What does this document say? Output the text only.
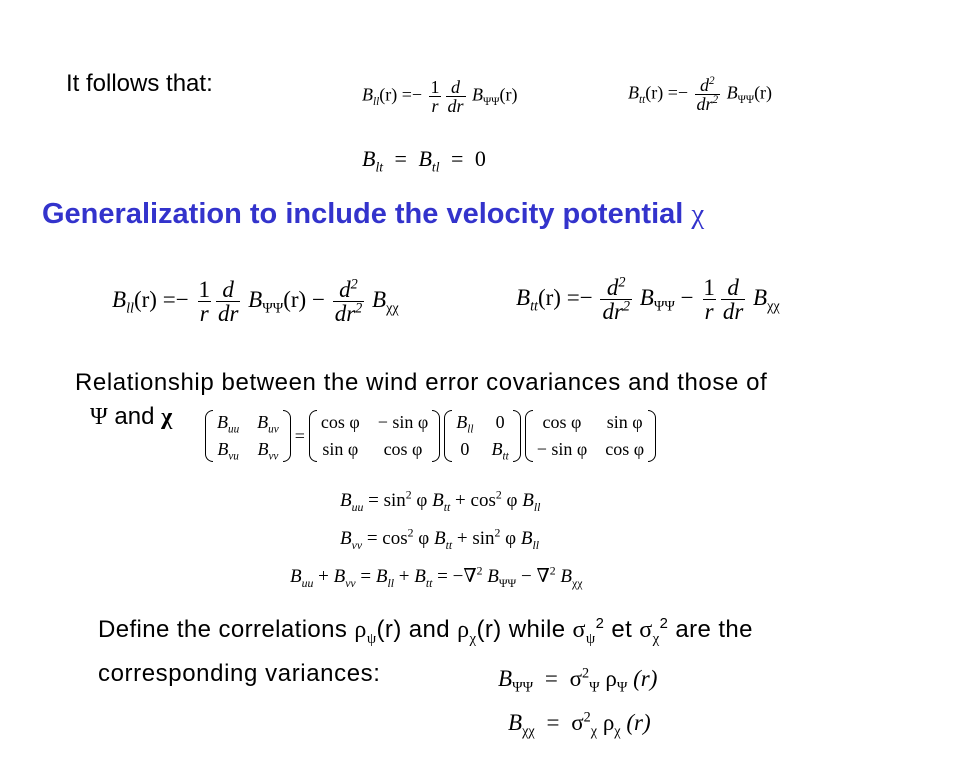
It follows that:	$B_{ll}(r) =- \frac{1}{r} \frac{d}{dr} B_{\Psi\Psi}(r)$	$B_{tt}(r) =- \frac{d^2}{dr^2} B_{\Psi\Psi}(r)$
$B_{lt} = B_{tl} = 0$
Generalization to include the velocity potential χ
$B_{ll}(r) =- \frac{1}{r} \frac{d}{dr} B_{\Psi\Psi}(r) - \frac{d^2}{dr^2} B_{\chi\chi}$	$B_{tt}(r) =- \frac{d^2}{dr^2} B_{\Psi\Psi} - \frac{1}{r} \frac{d}{dr} B_{\chi\chi}$
Relationship between the wind error covariances and those of
Ψ and χ $B_{uu}$ $B_{uv}$
$B_{vu}$ $B_{vv}$
=
cos φ − sin φ
sin φ	cos φ
$B_{ll}$ 0
0 $B_{tt}$
cos φ	sin φ
− sin φ cos φ
$B_{uu} = \sin^2 \varphi$ $B_{tt} + \cos^2 \varphi$ $B_{ll}$
$B_{vv} = \cos^2 \varphi$ $B_{tt} + \sin^2 \varphi$ $B_{ll}$
$B_{uu} + B_{vv} = B_{ll} + B_{tt} = -\nabla^2$ $B_{\Psi\Psi} - \nabla^2$ $B_{\chi\chi}$
Define the correlations $\rho_\psi(r)$ and $\rho_\chi(r)$ while $\sigma_\psi^2$ et $\sigma_\chi^2$ are the
corresponding variances:	$B_{\Psi\Psi} = \sigma^2_\Psi$ $\rho_\Psi$ (r)
$B_{\chi\chi} = \sigma^2_\chi$ $\rho_\chi$ (r)
